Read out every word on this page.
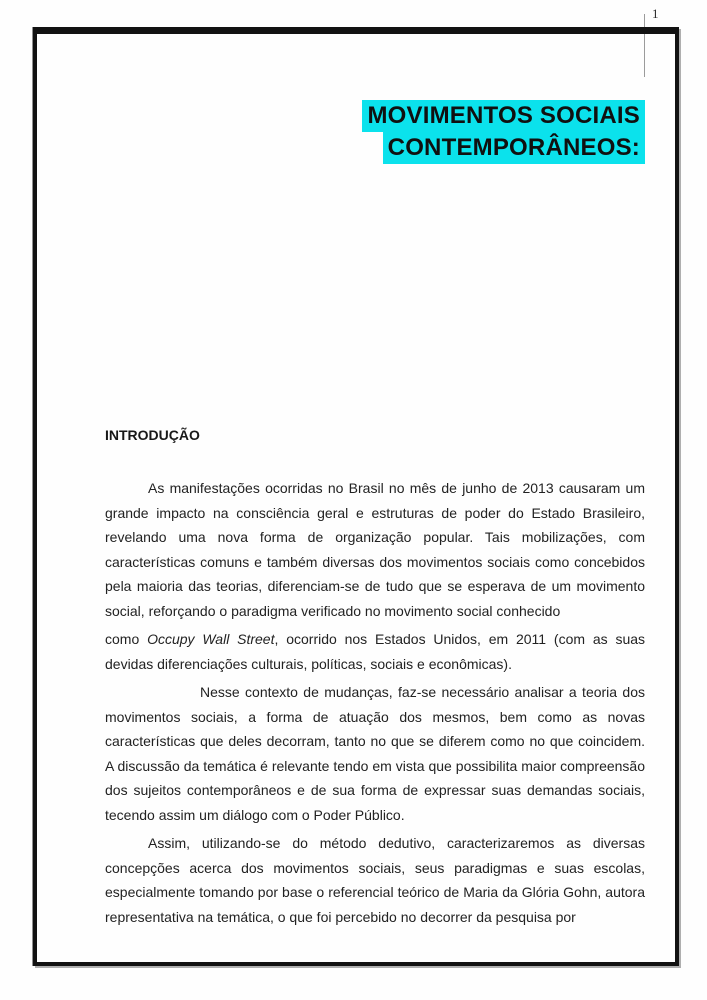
1
MOVIMENTOS SOCIAIS
CONTEMPORÂNEOS:
INTRODUÇÃO

As manifestações ocorridas no Brasil no mês de junho de 2013 causaram um grande impacto na consciência geral e estruturas de poder do Estado Brasileiro, revelando uma nova forma de organização popular. Tais mobilizações, com características comuns e também diversas dos movimentos sociais como concebidos pela maioria das teorias, diferenciam-se de tudo que se esperava de um movimento social, reforçando o paradigma verificado no movimento social conhecido

como Occupy Wall Street, ocorrido nos Estados Unidos, em 2011 (com as suas devidas diferenciações culturais, políticas, sociais e econômicas).

Nesse contexto de mudanças, faz-se necessário analisar a teoria dos movimentos sociais, a forma de atuação dos mesmos, bem como as novas características que deles decorram, tanto no que se diferem como no que coincidem. A discussão da temática é relevante tendo em vista que possibilita maior compreensão dos sujeitos contemporâneos e de sua forma de expressar suas demandas sociais, tecendo assim um diálogo com o Poder Público.

Assim, utilizando-se do método dedutivo, caracterizaremos as diversas concepções acerca dos movimentos sociais, seus paradigmas e suas escolas, especialmente tomando por base o referencial teórico de Maria da Glória Gohn, autora representativa na temática, o que foi percebido no decorrer da pesquisa por
